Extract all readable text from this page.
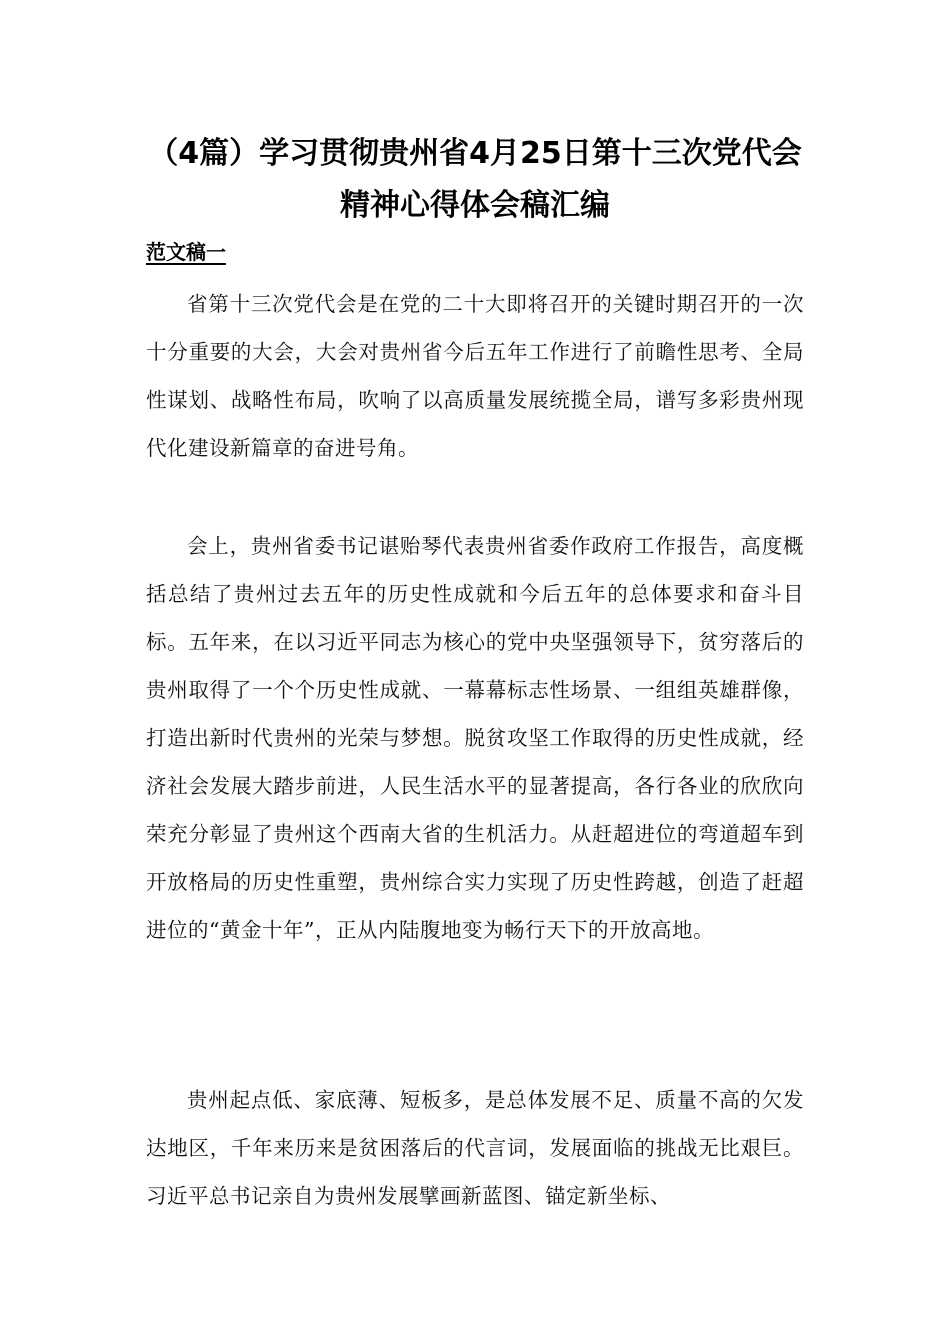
（4篇）学习贯彻贵州省4月25日第十三次党代会精神心得体会稿汇编
范文稿一

省第十三次党代会是在党的二十大即将召开的关键时期召开的一次十分重要的大会，大会对贵州省今后五年工作进行了前瞻性思考、全局性谋划、战略性布局，吹响了以高质量发展统揽全局，谱写多彩贵州现代化建设新篇章的奋进号角。

会上，贵州省委书记谌贻琴代表贵州省委作政府工作报告，高度概括总结了贵州过去五年的历史性成就和今后五年的总体要求和奋斗目标。五年来，在以习近平同志为核心的党中央坚强领导下，贫穷落后的贵州取得了一个个历史性成就、一幕幕标志性场景、一组组英雄群像，打造出新时代贵州的光荣与梦想。脱贫攻坚工作取得的历史性成就，经济社会发展大踏步前进，人民生活水平的显著提高，各行各业的欣欣向荣充分彰显了贵州这个西南大省的生机活力。从赶超进位的弯道超车到开放格局的历史性重塑，贵州综合实力实现了历史性跨越，创造了赶超进位的“黄金十年”，正从内陆腹地变为畅行天下的开放高地。

贵州起点低、家底薄、短板多，是总体发展不足、质量不高的欠发达地区，千年来历来是贫困落后的代言词，发展面临的挑战无比艰巨。习近平总书记亲自为贵州发展擘画新蓝图、锚定新坐标、
